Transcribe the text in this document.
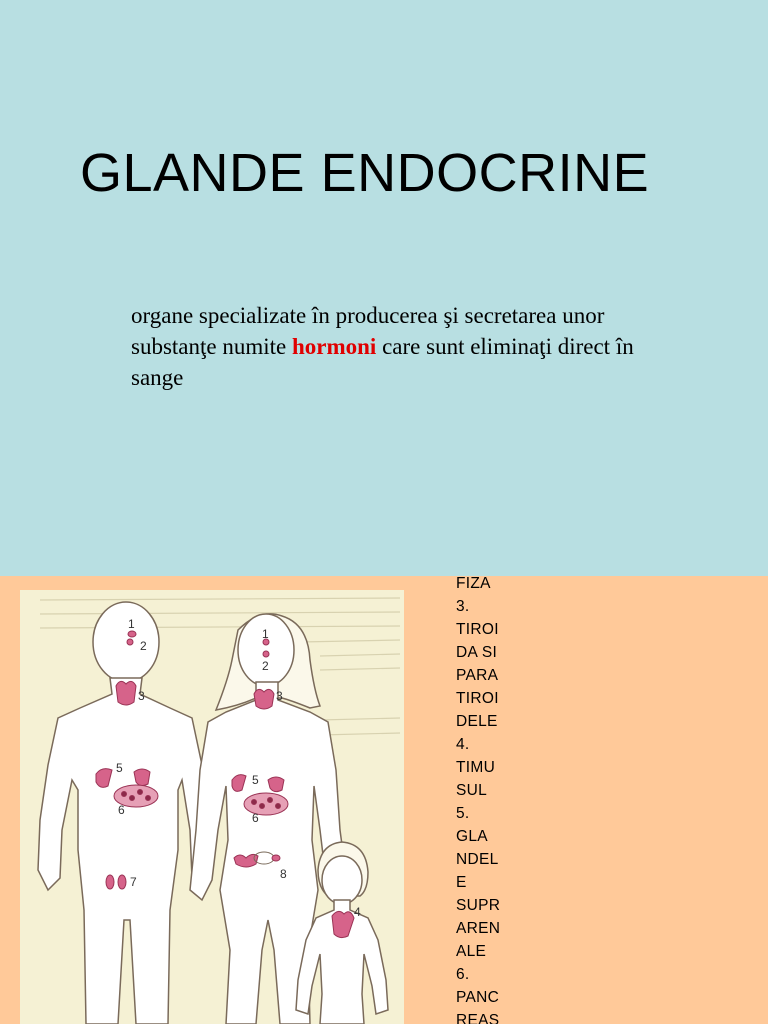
GLANDE ENDOCRINE
organe specializate în producerea şi secretarea unor substanţe numite hormoni care sunt eliminaţi direct în sange
1
2
3
5
6
7
1
2
3
5
6
8
4
FIZA
3.
TIROI
DA SI
PARA
TIROI
DELE
4.
TIMU
SUL
5.
GLA
NDEL
E
SUPR
AREN
ALE
6.
PANC
REAS
